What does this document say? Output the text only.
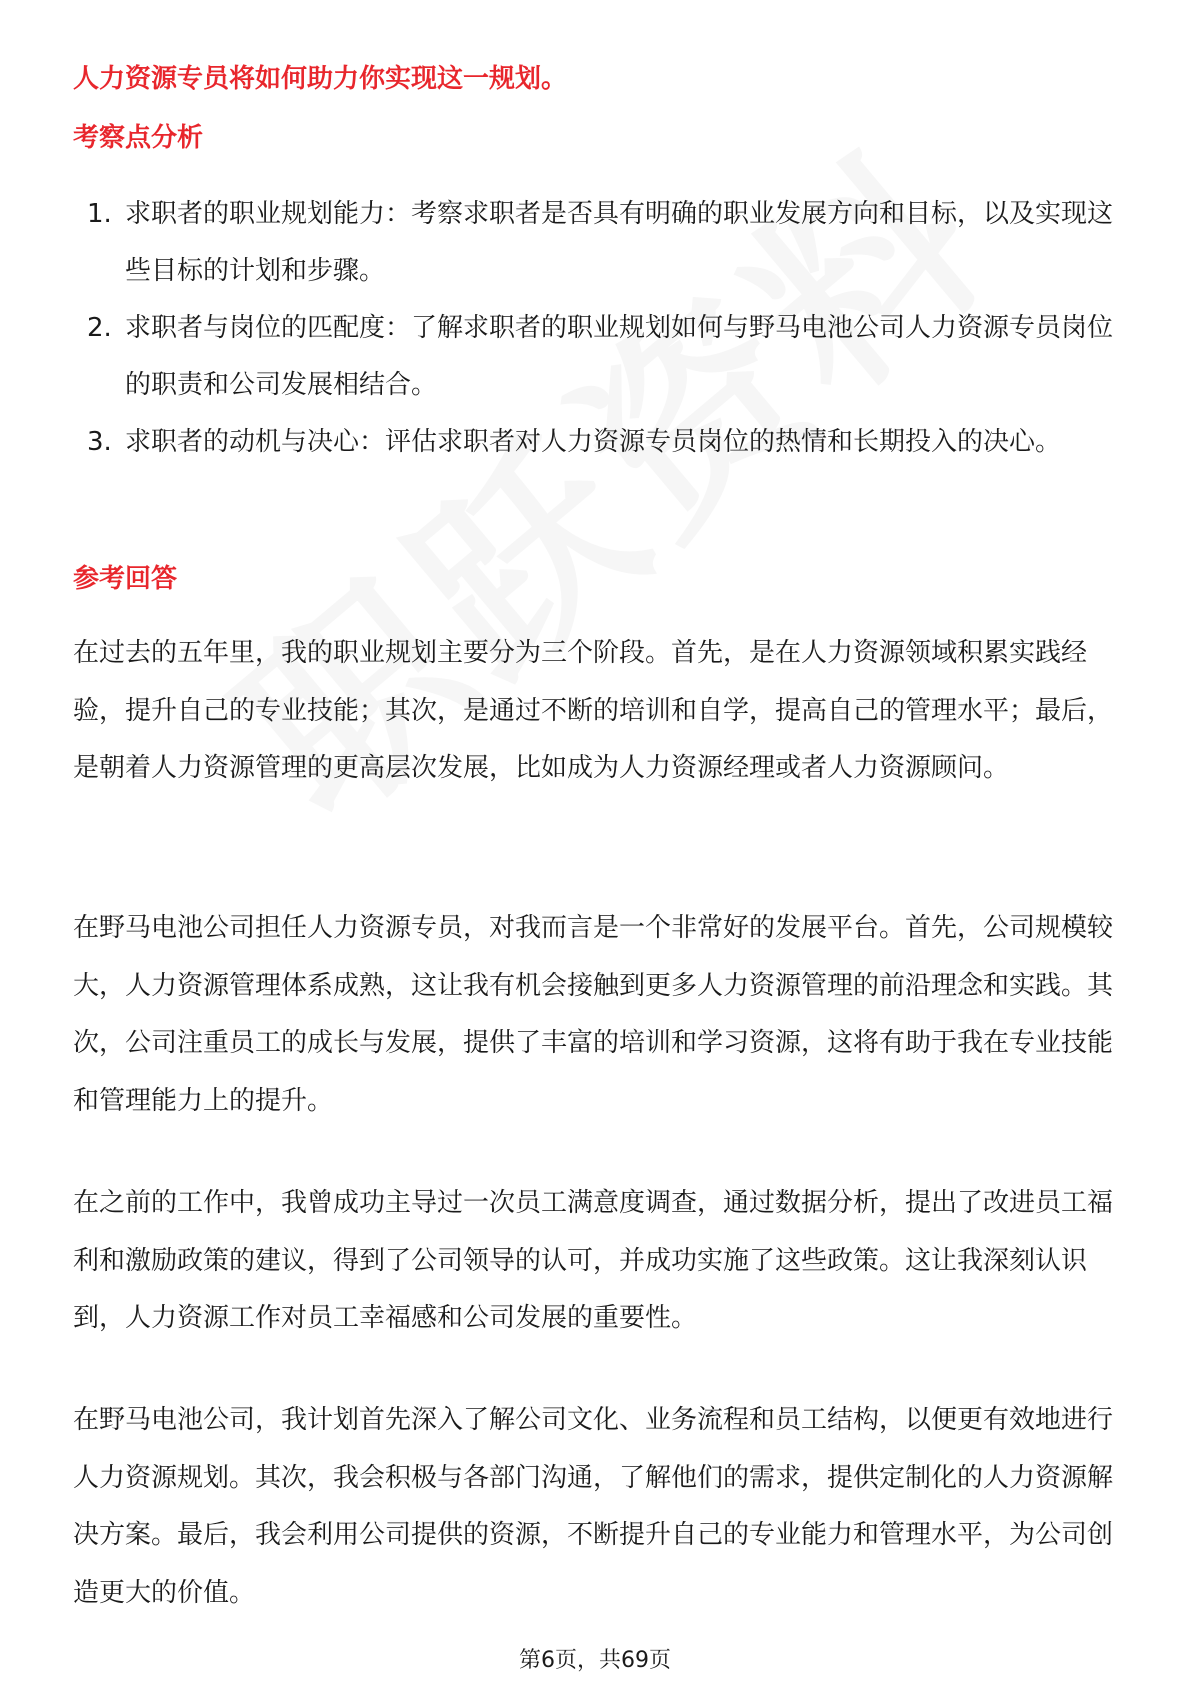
人力资源专员将如何助力你实现这一规划。
考察点分析
1. 求职者的职业规划能力：考察求职者是否具有明确的职业发展方向和目标，以及实现这些目标的计划和步骤。
2. 求职者与岗位的匹配度：了解求职者的职业规划如何与野马电池公司人力资源专员岗位的职责和公司发展相结合。
3. 求职者的动机与决心：评估求职者对人力资源专员岗位的热情和长期投入的决心。
参考回答

在过去的五年里，我的职业规划主要分为三个阶段。首先，是在人力资源领域积累实践经验，提升自己的专业技能；其次，是通过不断的培训和自学，提高自己的管理水平；最后，是朝着人力资源管理的更高层次发展，比如成为人力资源经理或者人力资源顾问。

在野马电池公司担任人力资源专员，对我而言是一个非常好的发展平台。首先，公司规模较大，人力资源管理体系成熟，这让我有机会接触到更多人力资源管理的前沿理念和实践。其次，公司注重员工的成长与发展，提供了丰富的培训和学习资源，这将有助于我在专业技能和管理能力上的提升。

在之前的工作中，我曾成功主导过一次员工满意度调查，通过数据分析，提出了改进员工福利和激励政策的建议，得到了公司领导的认可，并成功实施了这些政策。这让我深刻认识到，人力资源工作对员工幸福感和公司发展的重要性。

在野马电池公司，我计划首先深入了解公司文化、业务流程和员工结构，以便更有效地进行人力资源规划。其次，我会积极与各部门沟通，了解他们的需求，提供定制化的人力资源解决方案。最后，我会利用公司提供的资源，不断提升自己的专业能力和管理水平，为公司创造更大的价值。

第6页，共69页
